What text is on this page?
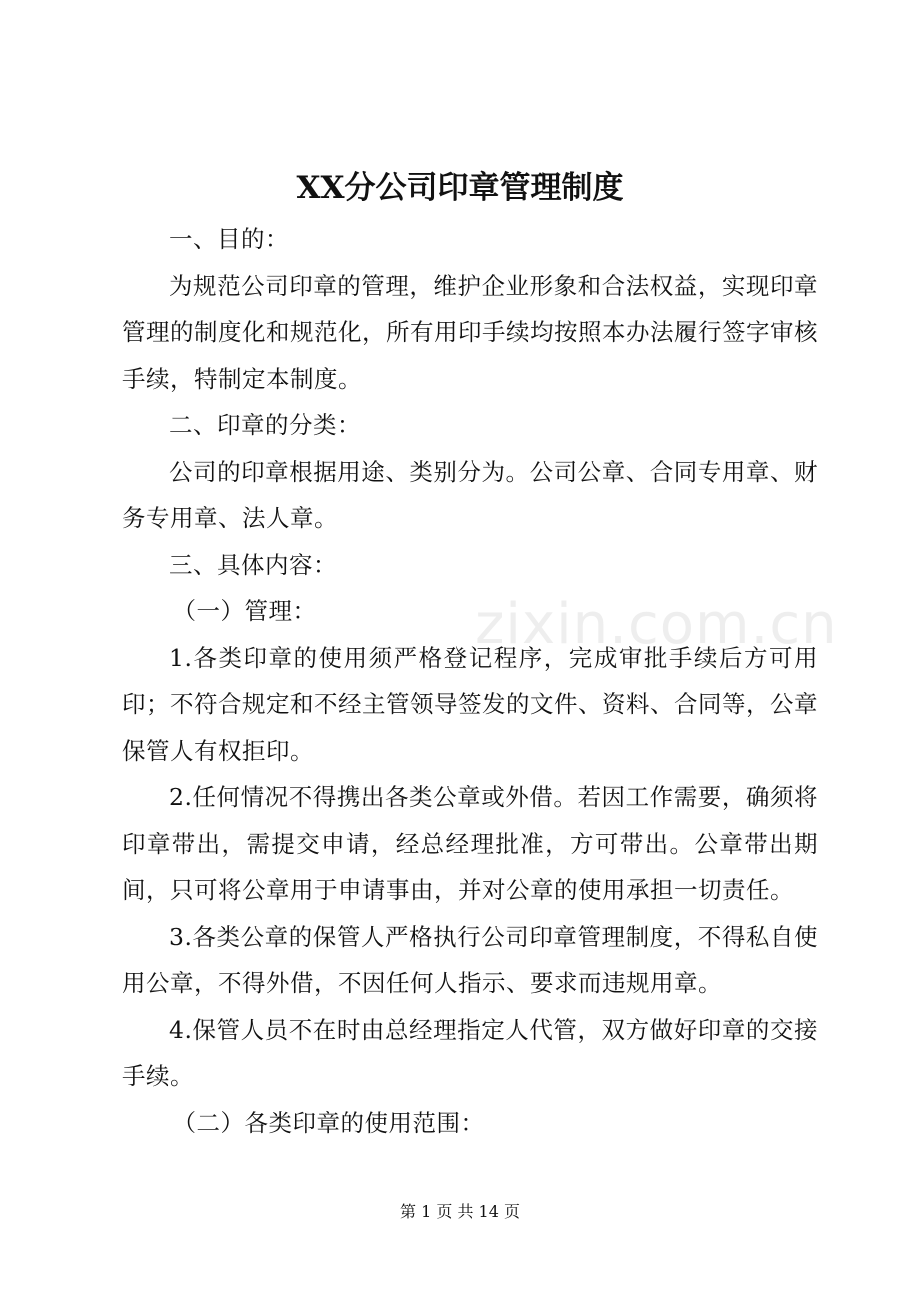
XX分公司印章管理制度

一、目的：

为规范公司印章的管理，维护企业形象和合法权益，实现印章管理的制度化和规范化，所有用印手续均按照本办法履行签字审核手续，特制定本制度。

二、印章的分类：

公司的印章根据用途、类别分为。公司公章、合同专用章、财务专用章、法人章。

三、具体内容：

（一）管理：

1.各类印章的使用须严格登记程序，完成审批手续后方可用印；不符合规定和不经主管领导签发的文件、资料、合同等，公章保管人有权拒印。

2.任何情况不得携出各类公章或外借。若因工作需要，确须将印章带出，需提交申请，经总经理批准，方可带出。公章带出期间，只可将公章用于申请事由，并对公章的使用承担一切责任。

3.各类公章的保管人严格执行公司印章管理制度，不得私自使用公章，不得外借，不因任何人指示、要求而违规用章。

4.保管人员不在时由总经理指定人代管，双方做好印章的交接手续。

（二）各类印章的使用范围：

zixin.com.cn
第 1 页 共 14 页
